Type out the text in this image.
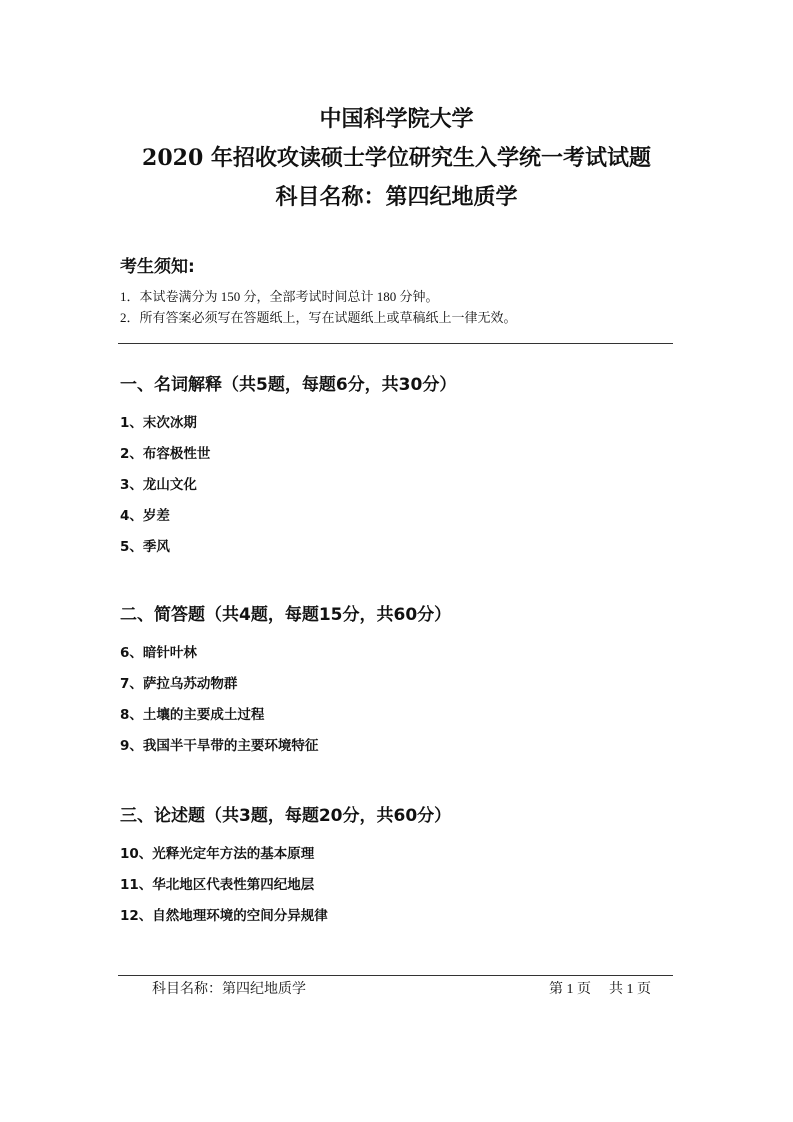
中国科学院大学
2020 年招收攻读硕士学位研究生入学统一考试试题
科目名称：第四纪地质学
考生须知:
1．本试卷满分为 150 分，全部考试时间总计 180 分钟。
2．所有答案必须写在答题纸上，写在试题纸上或草稿纸上一律无效。
一、名词解释（共5题，每题6分，共30分）
1、末次冰期
2、布容极性世
3、龙山文化
4、岁差
5、季风
二、简答题（共4题，每题15分，共60分）
6、暗针叶林
7、萨拉乌苏动物群
8、土壤的主要成土过程
9、我国半干旱带的主要环境特征
三、论述题（共3题，每题20分，共60分）
10、光释光定年方法的基本原理
11、华北地区代表性第四纪地层
12、自然地理环境的空间分异规律
科目名称：第四纪地质学	第 1 页 共 1 页
